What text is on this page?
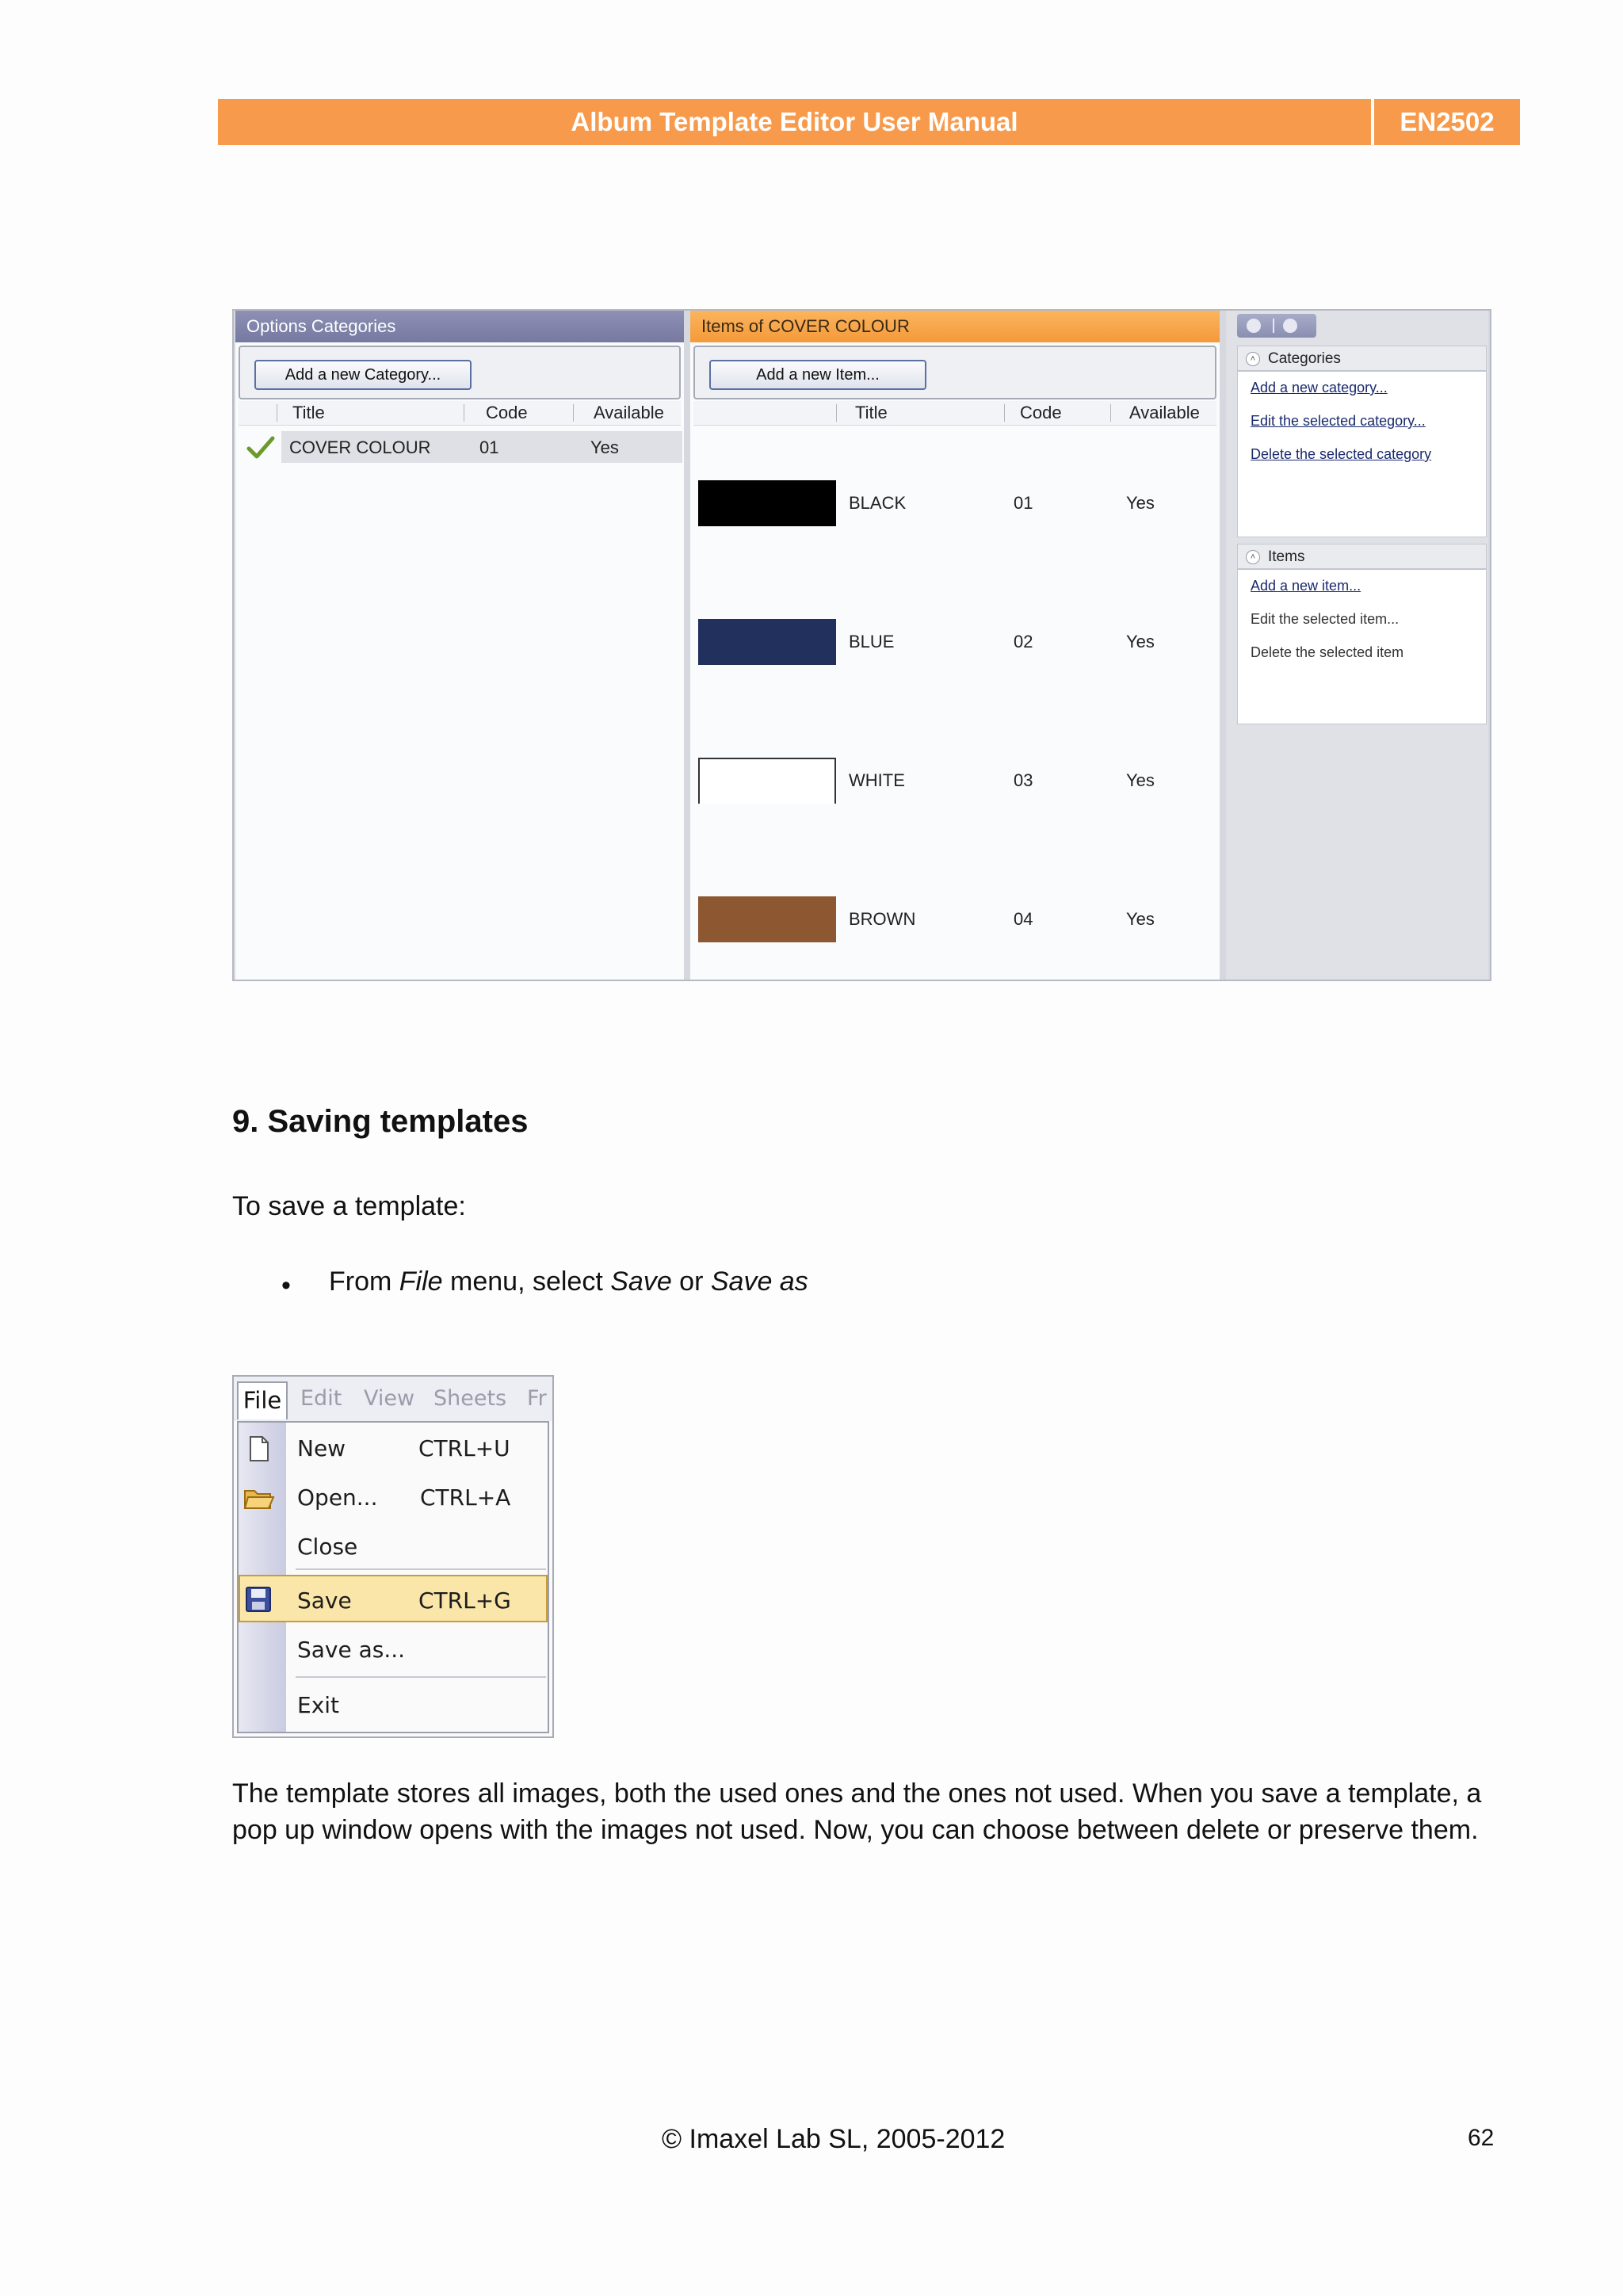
Album Template Editor User Manual	EN2502
Options Categories
Add a new Category...
Title	Code	Available
COVER COLOUR	01	Yes
Items of COVER COLOUR
Add a new Item...
Title	Code	Available
BLACK	01	Yes
BLUE	02	Yes
WHITE	03	Yes
BROWN	04	Yes
˄ Categories
Add a new category...
Edit the selected category...
Delete the selected category
˄ Items
Add a new item...
Edit the selected item...
Delete the selected item
9. Saving templates
To save a template:
• From File menu, select Save or Save as
Edit View Sheets Fr
File
New	CTRL+U
Open... CTRL+A
Close
Save	CTRL+G
Save as...
Exit
The template stores all images, both the used ones and the ones not used. When you save a template, a pop up window opens with the images not used. Now, you can choose between delete or preserve them.
© Imaxel Lab SL, 2005-2012	62
